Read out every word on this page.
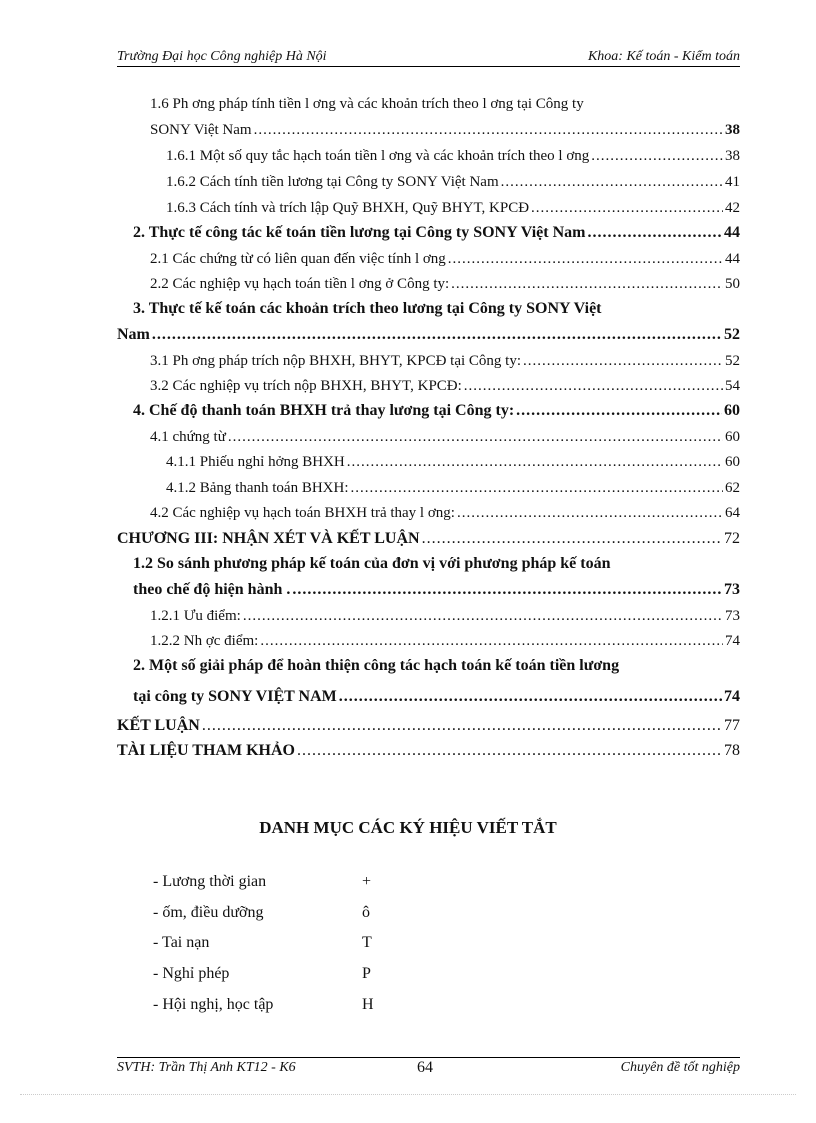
Trường Đại học Công nghiệp Hà Nội	Khoa: Kế toán - Kiểm toán
1.6 Ph ơng pháp tính tiền l ơng và các khoản trích theo l ơng tại Công ty
SONY Việt Nam .....	38
1.6.1 Một số quy tắc hạch toán tiền l ơng và các khoản trích theo l ơng .....	38
1.6.2 Cách tính tiền lương tại Công ty SONY Việt Nam .....	41
1.6.3 Cách tính và trích lập Quỹ BHXH, Quỹ BHYT, KPCĐ .....	42
2. Thực tế công tác kế toán tiền lương tại Công ty SONY Việt Nam .....	44
2.1 Các chứng từ có liên quan đến việc tính l ơng .....	44
2.2 Các nghiệp vụ hạch toán tiền l ơng ở Công ty: .....	50
3. Thực tế kế toán các khoản trích theo lương tại Công ty SONY Việt
Nam .....	52
3.1 Ph ơng pháp trích nộp BHXH, BHYT, KPCĐ tại Công ty: .....	52
3.2 Các nghiệp vụ trích nộp BHXH, BHYT, KPCĐ: .....	54
4. Chế độ thanh toán BHXH trả thay lương tại Công ty: .....	60
4.1 chứng từ .....	60
4.1.1 Phiếu nghỉ hởng BHXH .....	60
4.1.2 Bảng thanh toán BHXH: .....	62
4.2 Các nghiệp vụ hạch toán BHXH trả thay l ơng: .....	64
CHƯƠNG III: NHẬN XÉT VÀ KẾT LUẬN .....	72
1.2 So sánh phương pháp kế toán của đơn vị với phương pháp kế toán
theo chế độ hiện hành . .....	73
1.2.1 Ưu điểm: .....	73
1.2.2 Nh ợc điểm: .....	74
2. Một số giải pháp để hoàn thiện công tác hạch toán kế toán tiền lương
tại công ty SONY VIỆT NAM .....	74
KẾT LUẬN .....	77
TÀI LIỆU THAM KHẢO .....	78
DANH MỤC CÁC KÝ HIỆU VIẾT TẮT
- Lương thời gian	+
- ốm, điều dưỡng	ô
- Tai nạn	T
- Nghỉ phép	P
- Hội nghị, học tập	H
SVTH: Trần Thị Anh KT12 - K6	64	Chuyên đề tốt nghiệp
